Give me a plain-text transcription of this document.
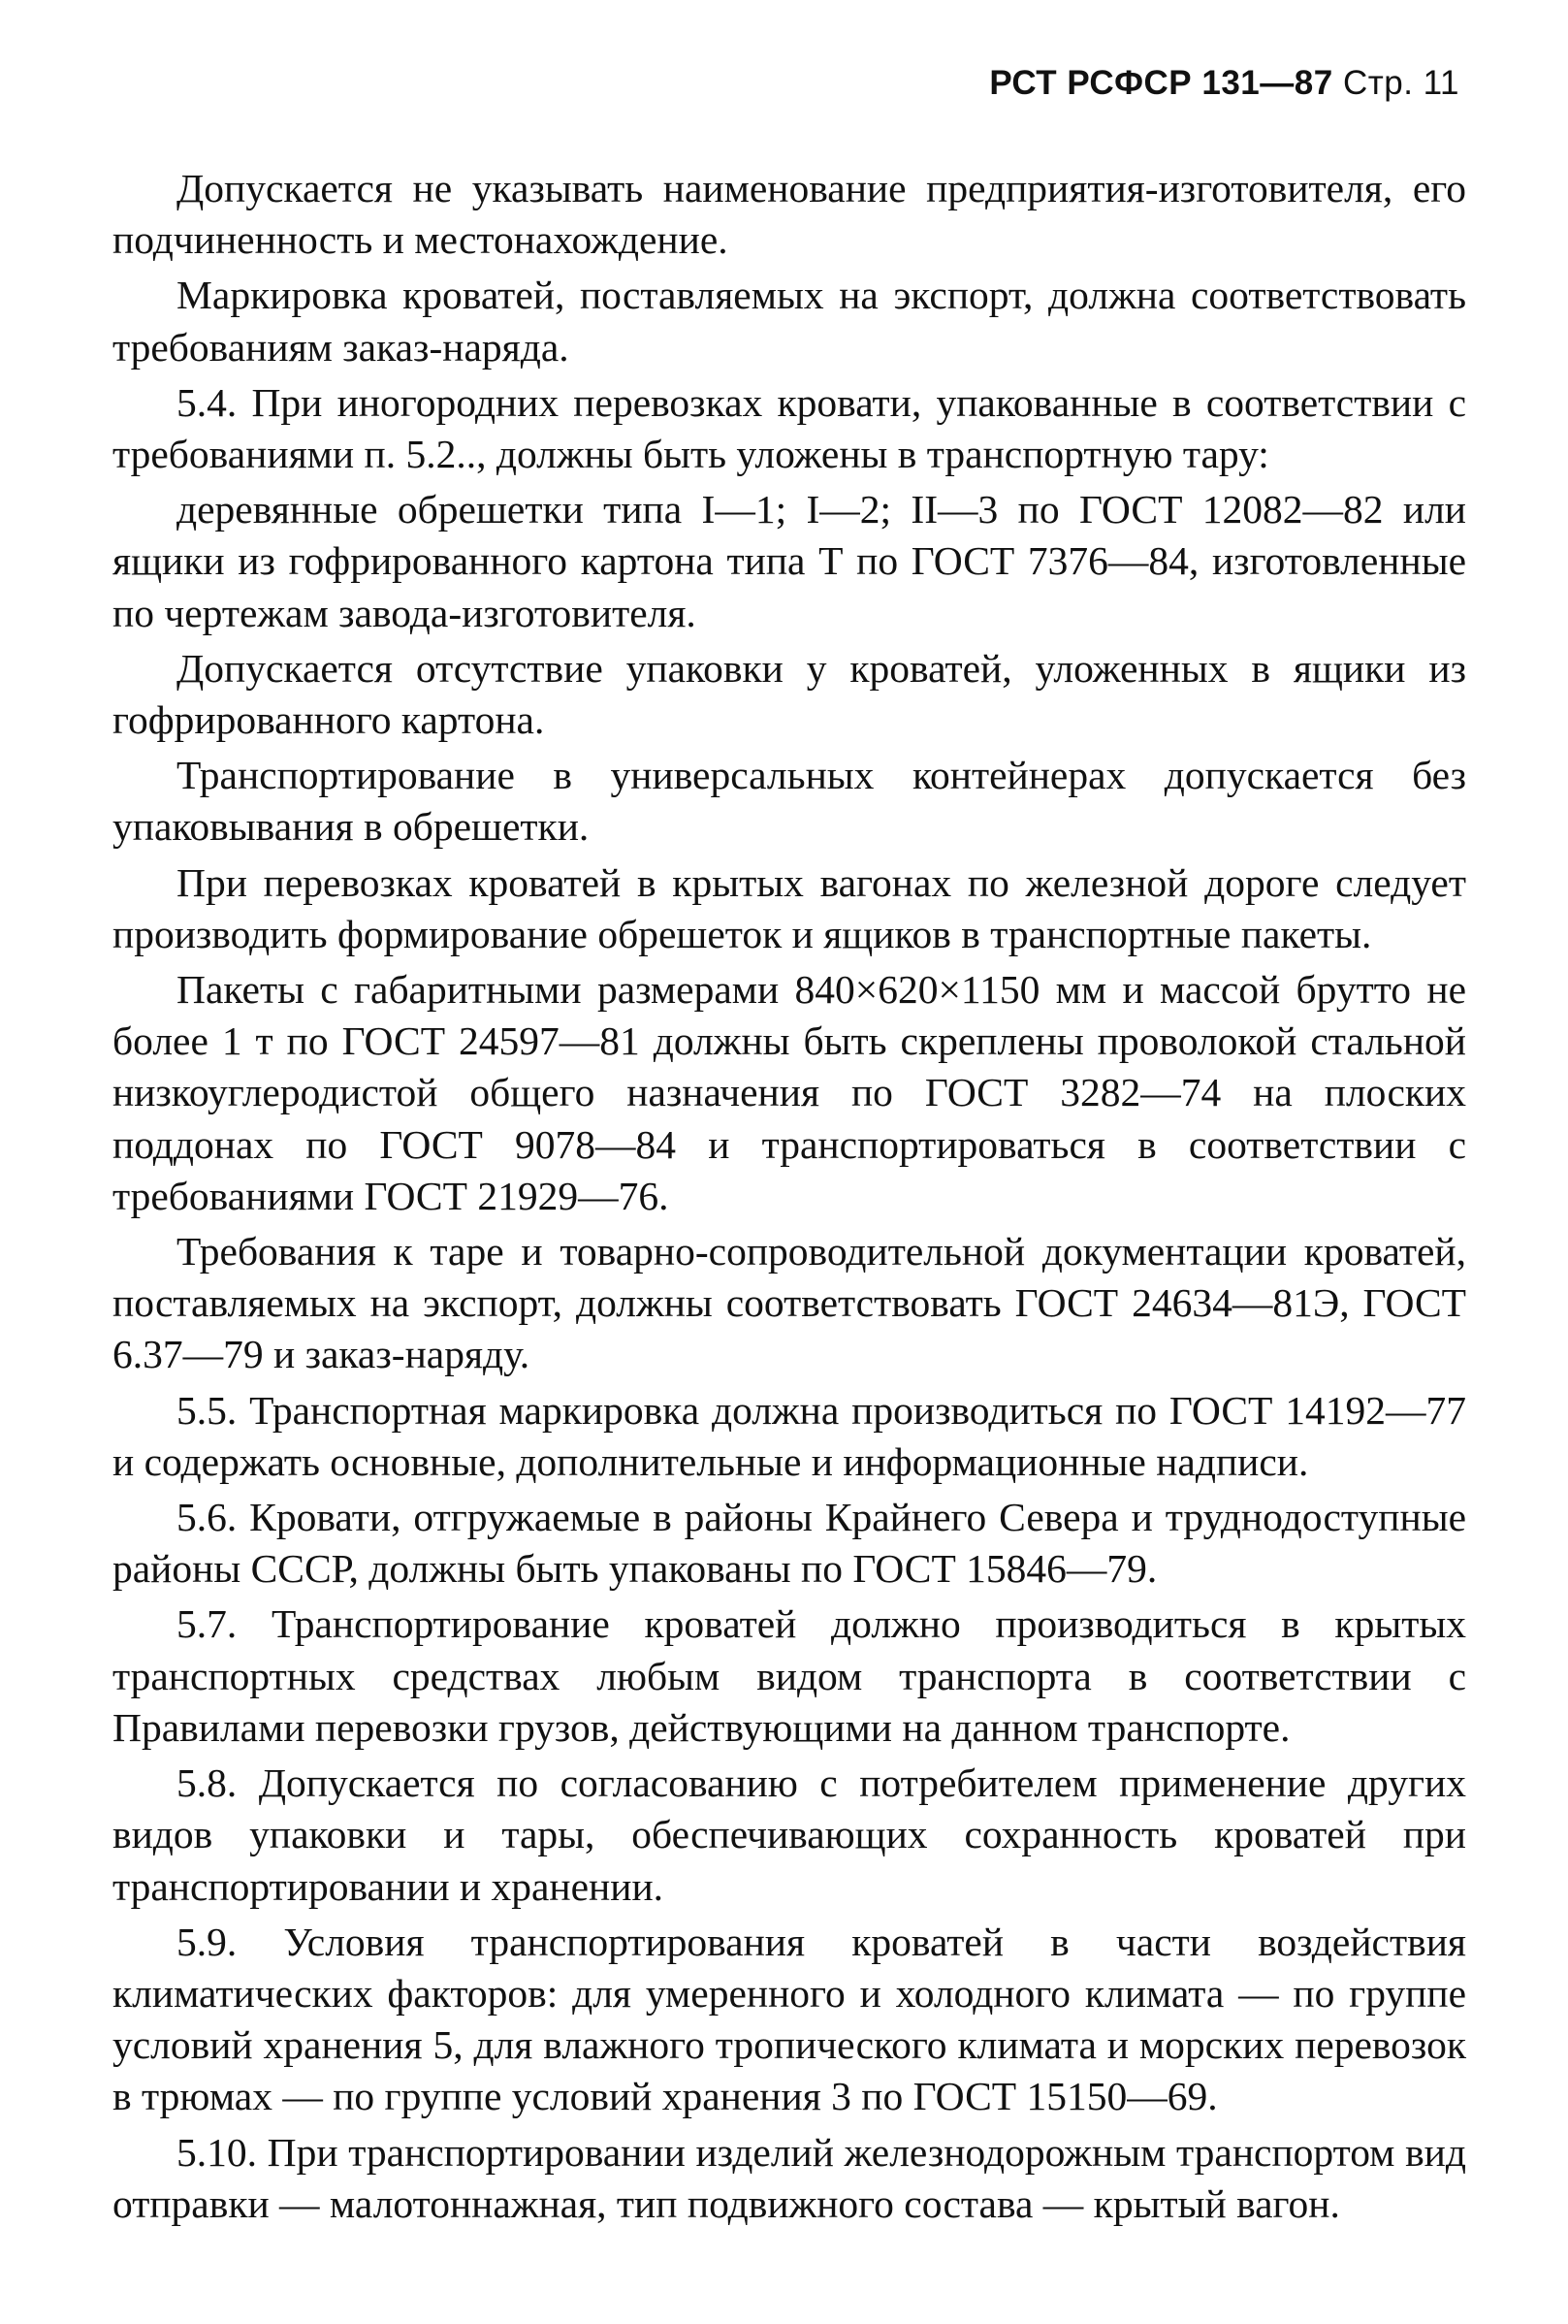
РСТ РСФСР 131—87 Стр. 11

Допускается не указывать наименование предприятия-изготовителя, его подчиненность и местонахождение.

Маркировка кроватей, поставляемых на экспорт, должна соответствовать требованиям заказ-наряда.

5.4. При иногородних перевозках кровати, упакованные в соответствии с требованиями п. 5.2.., должны быть уложены в транспортную тару:

деревянные обрешетки типа I—1; I—2; II—3 по ГОСТ 12082—82 или ящики из гофрированного картона типа Т по ГОСТ 7376—84, изготовленные по чертежам завода-изготовителя.

Допускается отсутствие упаковки у кроватей, уложенных в ящики из гофрированного картона.

Транспортирование в универсальных контейнерах допускается без упаковывания в обрешетки.

При перевозках кроватей в крытых вагонах по железной дороге следует производить формирование обрешеток и ящиков в транспортные пакеты.

Пакеты с габаритными размерами 840×620×1150 мм и массой брутто не более 1 т по ГОСТ 24597—81 должны быть скреплены проволокой стальной низкоуглеродистой общего назначения по ГОСТ 3282—74 на плоских поддонах по ГОСТ 9078—84 и транспортироваться в соответствии с требованиями ГОСТ 21929—76.

Требования к таре и товарно-сопроводительной документации кроватей, поставляемых на экспорт, должны соответствовать ГОСТ 24634—81Э, ГОСТ 6.37—79 и заказ-наряду.

5.5. Транспортная маркировка должна производиться по ГОСТ 14192—77 и содержать основные, дополнительные и информационные надписи.

5.6. Кровати, отгружаемые в районы Крайнего Севера и труднодоступные районы СССР, должны быть упакованы по ГОСТ 15846—79.

5.7. Транспортирование кроватей должно производиться в крытых транспортных средствах любым видом транспорта в соответствии с Правилами перевозки грузов, действующими на данном транспорте.

5.8. Допускается по согласованию с потребителем применение других видов упаковки и тары, обеспечивающих сохранность кроватей при транспортировании и хранении.

5.9. Условия транспортирования кроватей в части воздействия климатических факторов: для умеренного и холодного климата — по группе условий хранения 5, для влажного тропического климата и морских перевозок в трюмах — по группе условий хранения 3 по ГОСТ 15150—69.

5.10. При транспортировании изделий железнодорожным транспортом вид отправки — малотоннажная, тип подвижного состава — крытый вагон.
